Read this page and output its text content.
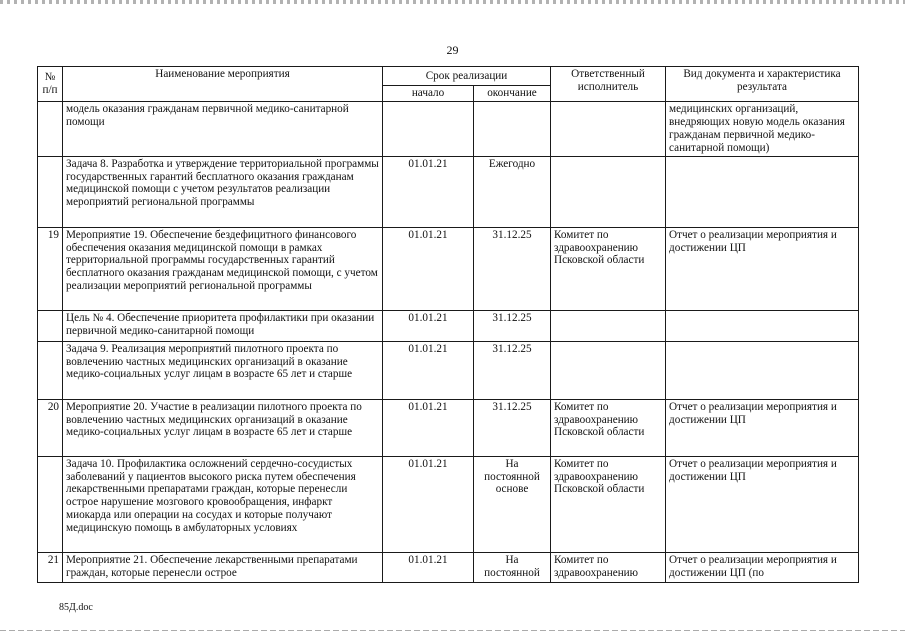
29
№
п/п	Наименование мероприятия	Срок реализации		Ответственный исполнитель	Вид документа и характеристика результата
		начало	окончание		
	модель оказания гражданам первичной медико-санитарной помощи				медицинских организаций, внедряющих новую модель оказания гражданам первичной медико-санитарной помощи)
	Задача 8. Разработка и утверждение территориальной программы государственных гарантий бесплатного оказания гражданам медицинской помощи с учетом результатов реализации мероприятий региональной программы	01.01.21	Ежегодно		
19	Мероприятие 19. Обеспечение бездефицитного финансового обеспечения оказания медицинской помощи в рамках территориальной программы государственных гарантий бесплатного оказания гражданам медицинской помощи, с учетом реализации мероприятий региональной программы	01.01.21	31.12.25	Комитет по здравоохранению Псковской области	Отчет о реализации мероприятия и достижении ЦП
	Цель № 4. Обеспечение приоритета профилактики при оказании первичной медико-санитарной помощи	01.01.21	31.12.25		
	Задача 9. Реализация мероприятий пилотного проекта по вовлечению частных медицинских организаций в оказание медико-социальных услуг лицам в возрасте 65 лет и старше	01.01.21	31.12.25		
20	Мероприятие 20. Участие в реализации пилотного проекта по вовлечению частных медицинских организаций в оказание медико-социальных услуг лицам в возрасте 65 лет и старше	01.01.21	31.12.25	Комитет по здравоохранению Псковской области	Отчет о реализации мероприятия и достижении ЦП
	Задача 10. Профилактика осложнений сердечно-сосудистых заболеваний у пациентов высокого риска путем обеспечения лекарственными препаратами граждан, которые перенесли острое нарушение мозгового кровообращения, инфаркт миокарда или операции на сосудах и которые получают медицинскую помощь в амбулаторных условиях	01.01.21	На постоянной основе	Комитет по здравоохранению Псковской области	Отчет о реализации мероприятия и достижении ЦП
21	Мероприятие 21. Обеспечение лекарственными препаратами граждан, которые перенесли острое	01.01.21	На постоянной	Комитет по здравоохранению	Отчет о реализации мероприятия и достижении ЦП (по
85Д.doc
